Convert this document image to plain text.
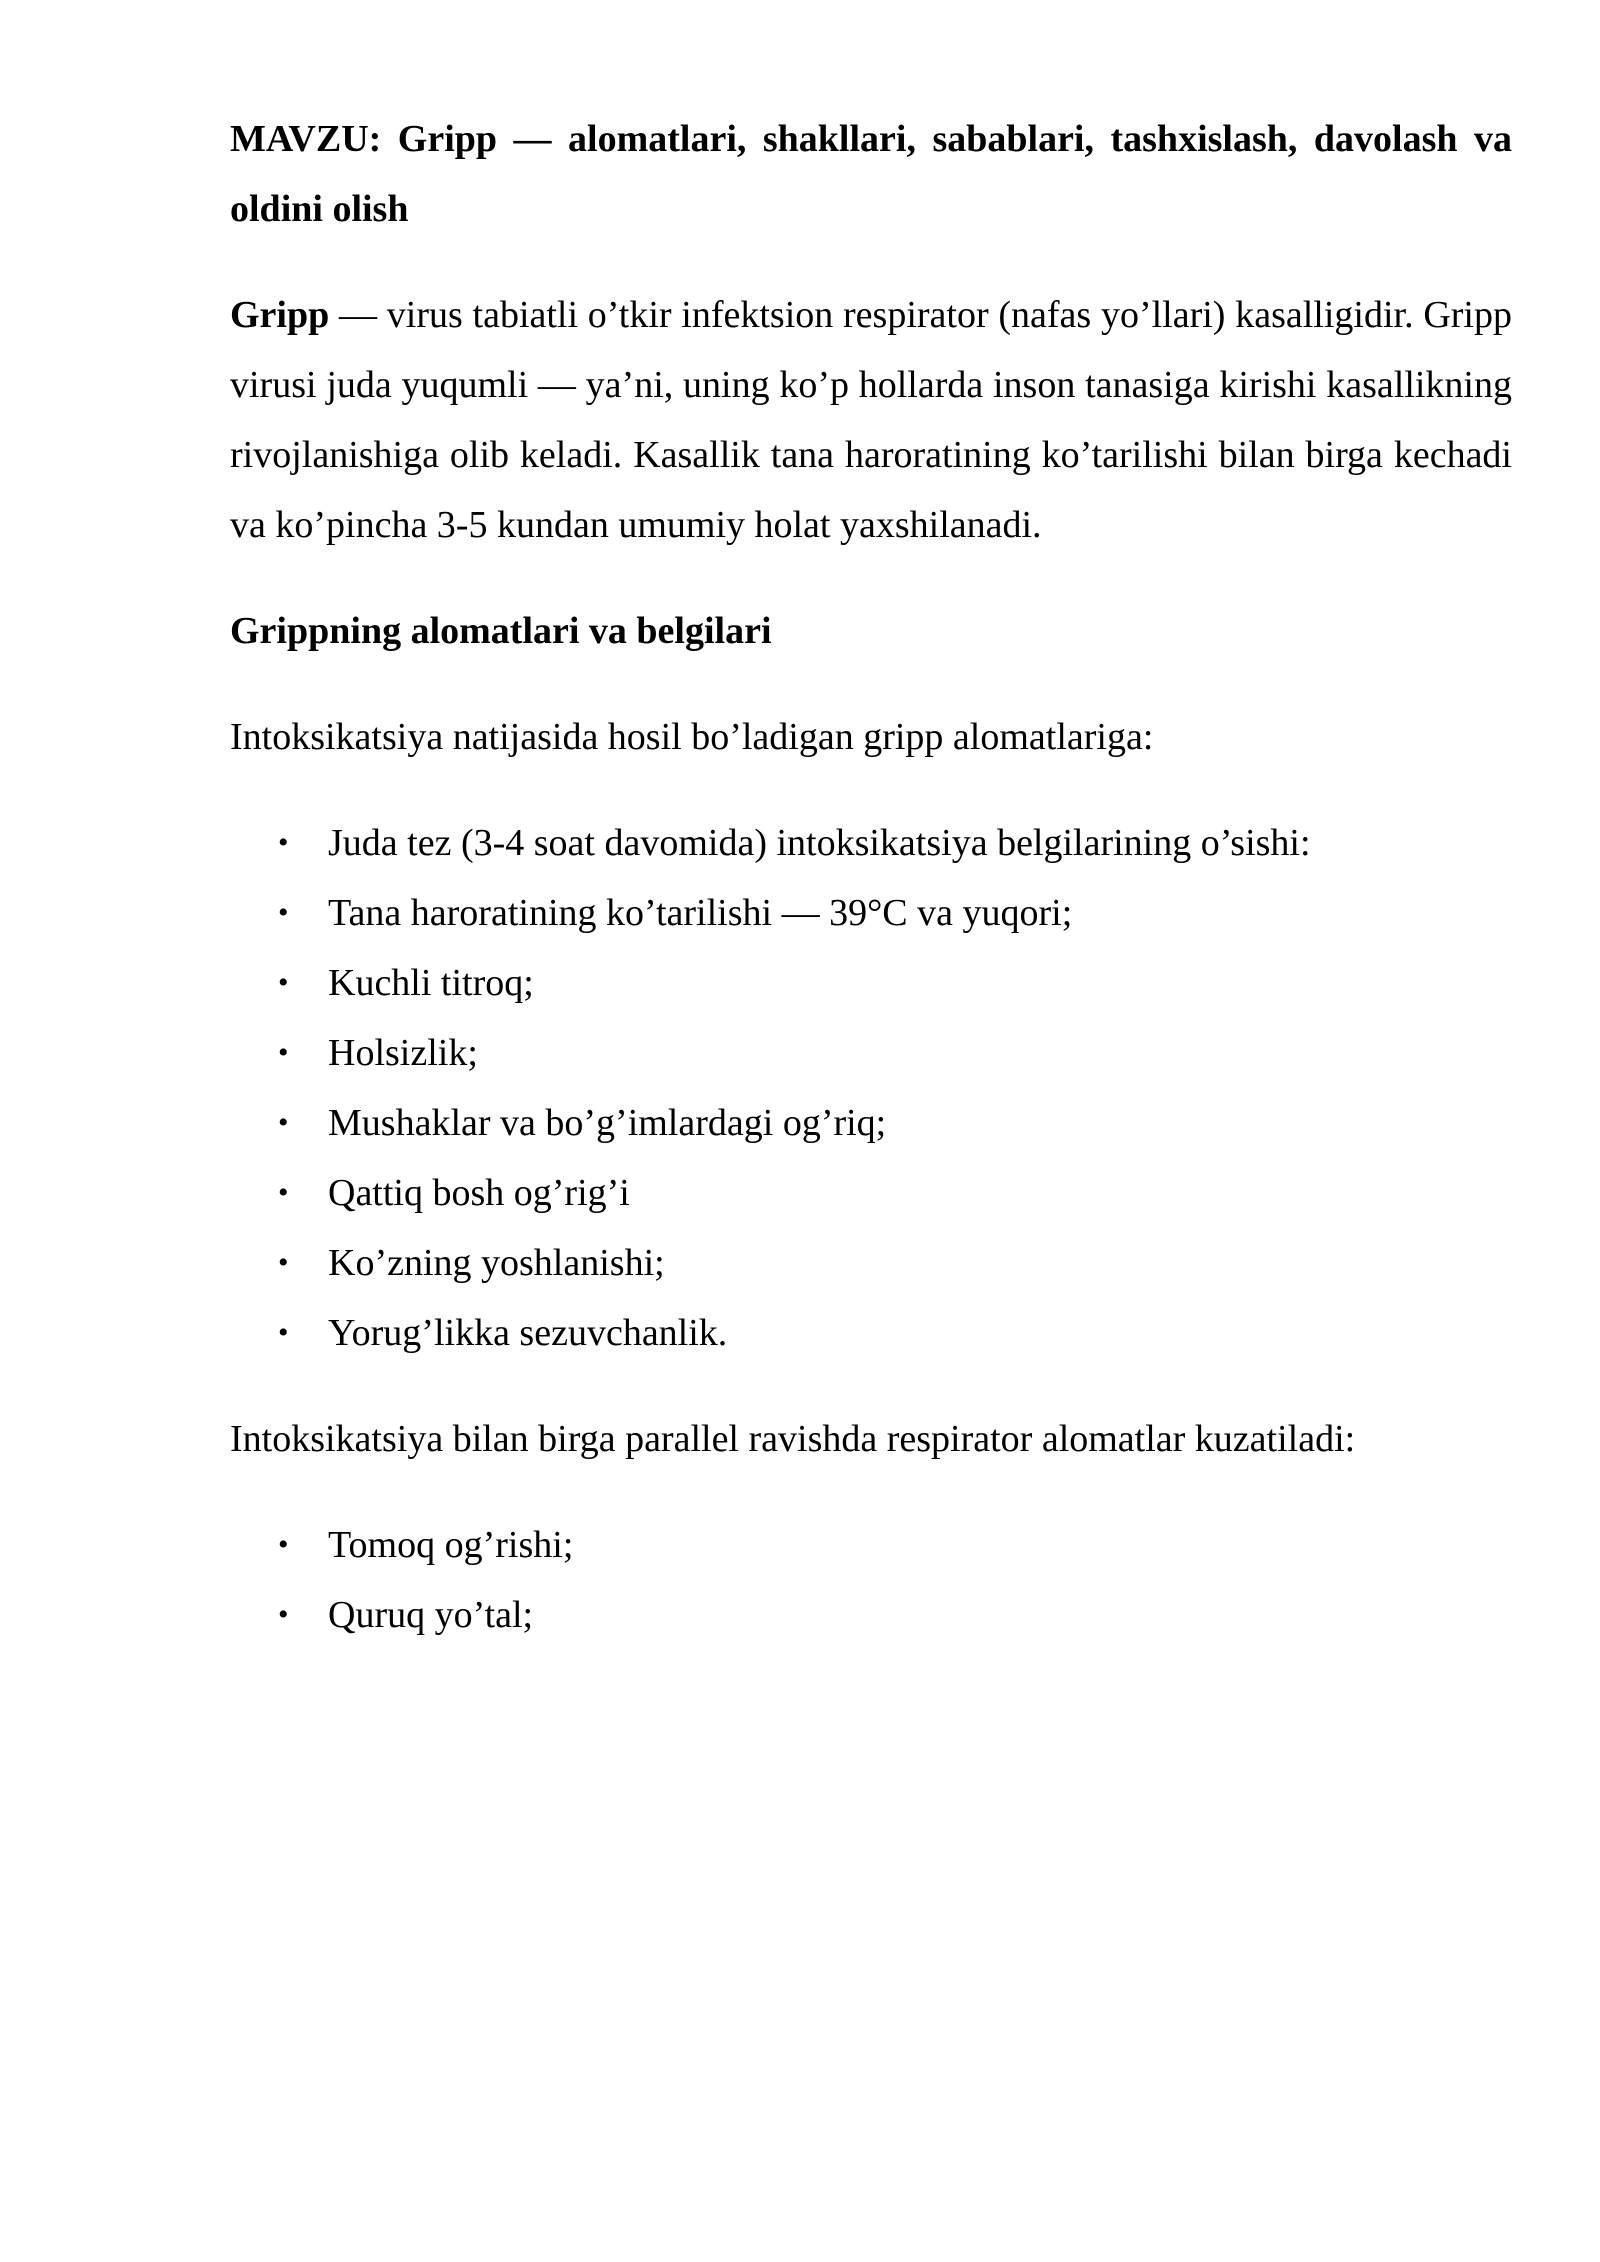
MAVZU: Gripp — alomatlari, shakllari, sabablari, tashxislash, davolash va oldini olish

Gripp — virus tabiatli o’tkir infektsion respirator (nafas yo’llari) kasalligidir. Gripp virusi juda yuqumli — ya’ni, uning ko’p hollarda inson tanasiga kirishi kasallikning rivojlanishiga olib keladi. Kasallik tana haroratining ko’tarilishi bilan birga kechadi va ko’pincha 3-5 kundan umumiy holat yaxshilanadi.

Grippning alomatlari va belgilari
Intoksikatsiya natijasida hosil bo’ladigan gripp alomatlariga:
• Juda tez (3-4 soat davomida) intoksikatsiya belgilarining o’sishi:
• Tana haroratining ko’tarilishi — 39°C va yuqori;
• Kuchli titroq;
• Holsizlik;
• Mushaklar va bo’g’imlardagi og’riq;
• Qattiq bosh og’rig’i
• Ko’zning yoshlanishi;
• Yorug’likka sezuvchanlik.
Intoksikatsiya bilan birga parallel ravishda respirator alomatlar kuzatiladi:
• Tomoq og’rishi;
• Quruq yo’tal;
